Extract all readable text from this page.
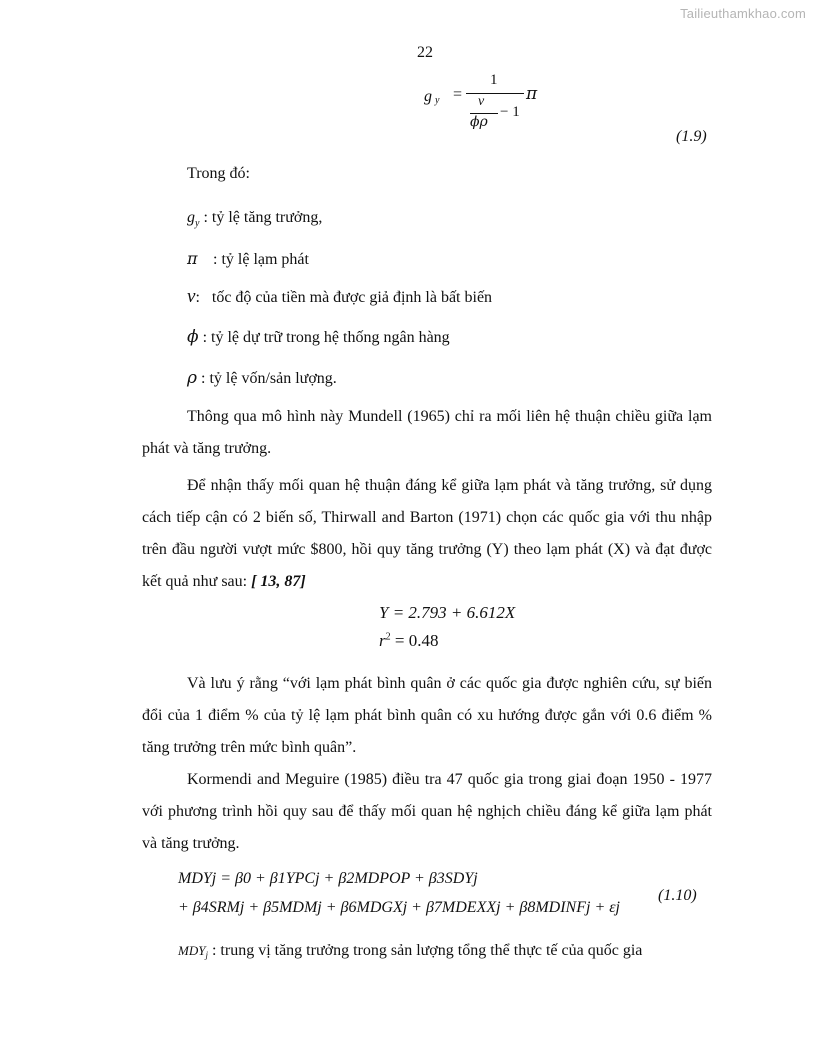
Tailieuthamkhao.com
22
g y =
1
v
ϕρ
− 1
π
(1.9)
Trong đó:
$g_y$ : tỷ lệ tăng trưởng,
π : tỷ lệ lạm phát
v:   tốc độ của tiền mà được giả định là bất biến
ϕ : tỷ lệ dự trữ trong hệ thống ngân hàng
ρ : tỷ lệ vốn/sản lượng.
Thông qua mô hình này Mundell (1965) chỉ ra mối liên hệ thuận chiều giữa lạm phát và tăng trưởng.
Để nhận thấy mối quan hệ thuận đáng kể giữa lạm phát và tăng trưởng, sử dụng cách tiếp cận có 2 biến số, Thirwall and Barton (1971) chọn các quốc gia với thu nhập trên đầu người vượt mức $800, hồi quy tăng trưởng (Y) theo lạm phát (X) và đạt được kết quả như sau: [ 13, 87]
Y = 2.793 + 6.612X
$r^2 = 0.48$
Và lưu ý rằng “với lạm phát bình quân ở các quốc gia được nghiên cứu, sự biến đổi của 1 điểm % của tỷ lệ lạm phát bình quân có xu hướng được gắn với 0.6 điểm % tăng trưởng trên mức bình quân”.
Kormendi and Meguire (1985) điều tra 47 quốc gia trong giai đoạn 1950 - 1977 với phương trình hồi quy sau để thấy mối quan hệ nghịch chiều đáng kể giữa lạm phát và tăng trưởng.
MDYj = β0 + β1YPCj + β2MDPOP + β3SDYj
+ β4SRMj + β5MDMj + β6MDGXj + β7MDEXXj + β8MDINFj + εj
(1.10)
MDYj : trung vị tăng trưởng trong sản lượng tổng thể thực tế của quốc gia
